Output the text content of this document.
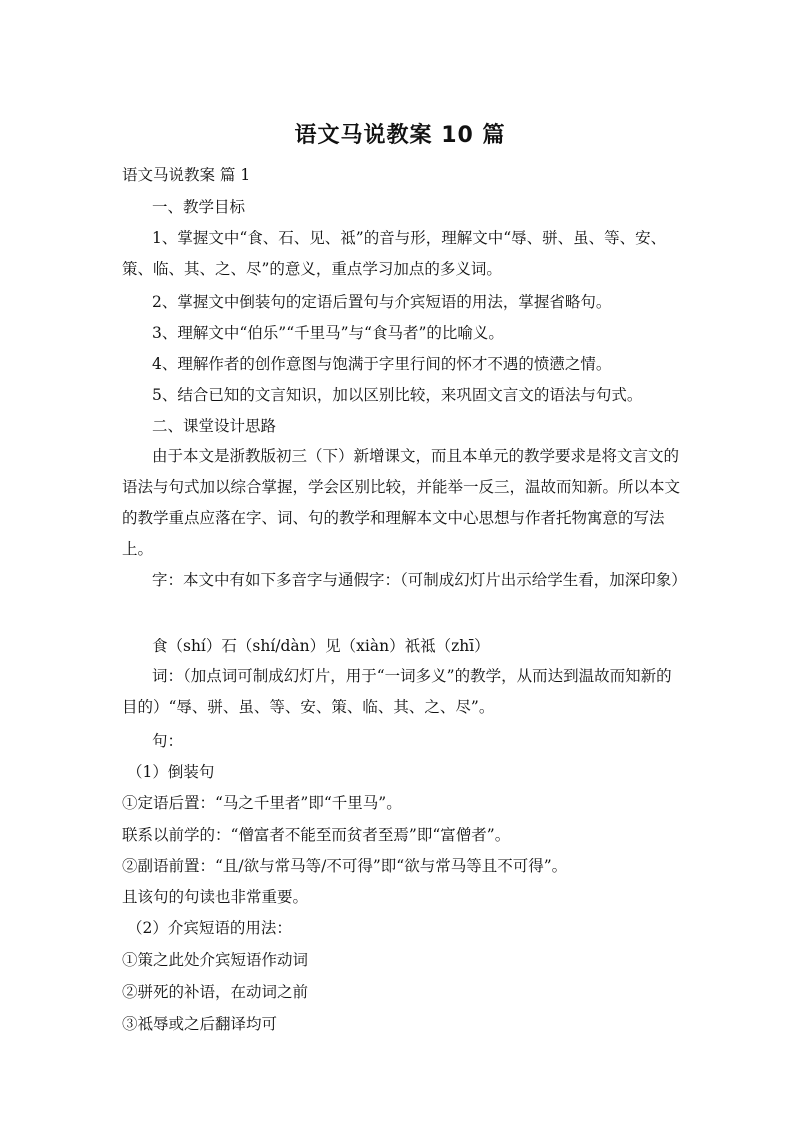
语文马说教案 10 篇
语文马说教案 篇 1
一、教学目标
1、掌握文中“食、石、见、祗”的音与形，理解文中“辱、骈、虽、等、安、策、临、其、之、尽”的意义，重点学习加点的多义词。
2、掌握文中倒装句的定语后置句与介宾短语的用法，掌握省略句。
3、理解文中“伯乐”“千里马”与“食马者”的比喻义。
4、理解作者的创作意图与饱满于字里行间的怀才不遇的愤懑之情。
5、结合已知的文言知识，加以区别比较，来巩固文言文的语法与句式。
二、课堂设计思路
由于本文是浙教版初三（下）新增课文，而且本单元的教学要求是将文言文的语法与句式加以综合掌握，学会区别比较，并能举一反三，温故而知新。所以本文的教学重点应落在字、词、句的教学和理解本文中心思想与作者托物寓意的写法上。
字：本文中有如下多音字与通假字：（可制成幻灯片出示给学生看，加深印象）
食（shí）石（shí/dàn）见（xiàn）祇祗（zhī）
词：（加点词可制成幻灯片，用于“一词多义”的教学，从而达到温故而知新的目的）“辱、骈、虽、等、安、策、临、其、之、尽”。
句：
（1）倒装句
①定语后置：“马之千里者”即“千里马”。
联系以前学的：“僧富者不能至而贫者至焉”即“富僧者”。
②副语前置：“且/欲与常马等/不可得”即“欲与常马等且不可得”。
且该句的句读也非常重要。
（2）介宾短语的用法：
①策之此处介宾短语作动词
②骈死的补语，在动词之前
③祗辱或之后翻译均可
